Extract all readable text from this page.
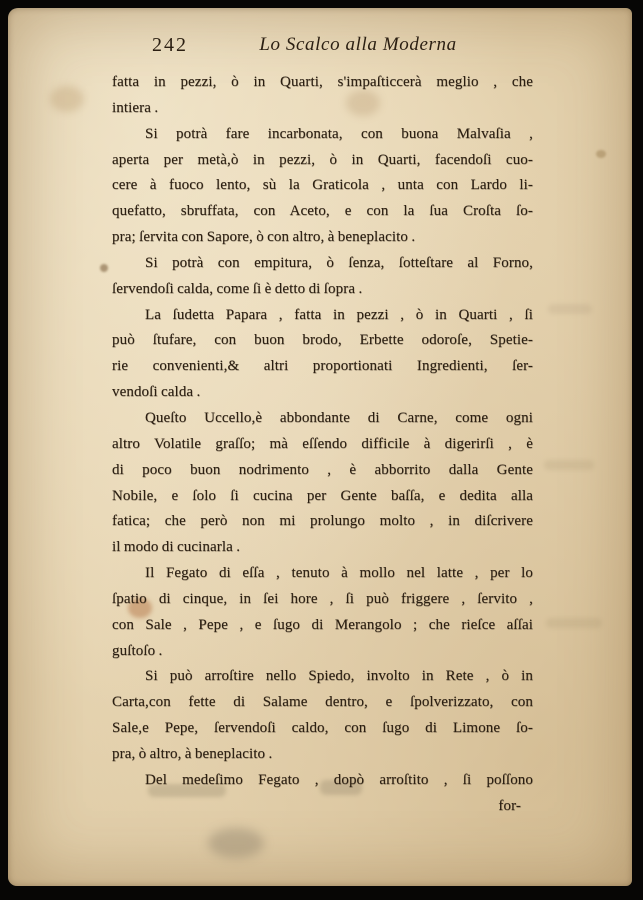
242	Lo Scalco alla Moderna
fatta in pezzi, ò in Quarti, s'impaſticcerà meglio , che
intiera .
Si potrà fare incarbonata, con buona Malvaſia ,
aperta per metà,ò in pezzi, ò in Quarti, facendoſi cuo-
cere à fuoco lento, sù la Graticola , unta con Lardo li-
quefatto, sbruffata, con Aceto, e con la ſua Croſta ſo-
pra; ſervita con Sapore, ò con altro, à beneplacito .
Si potrà con empitura, ò ſenza, ſotteſtare al Forno,
ſervendoſi calda, come ſi è detto di ſopra .
La ſudetta Papara , fatta in pezzi , ò in Quarti , ſi
può ſtufare, con buon brodo, Erbette odoroſe, Spetie-
rie convenienti,& altri proportionati Ingredienti, ſer-
vendoſi calda .
Queſto Uccello,è abbondante di Carne, come ogni
altro Volatile graſſo; mà eſſendo difficile à digerirſi , è
di poco buon nodrimento , è abborrito dalla Gente
Nobile, e ſolo ſi cucina per Gente baſſa, e dedita alla
fatica; che però non mi prolungo molto , in diſcrivere
il modo di cucinarla .
Il Fegato di eſſa , tenuto à mollo nel latte , per lo
ſpatio di cinque, in ſei hore , ſi può friggere , ſervito ,
con Sale , Pepe , e ſugo di Merangolo ; che rieſce aſſai
guſtoſo .
Si può arroſtire nello Spiedo, involto in Rete , ò in
Carta,con fette di Salame dentro, e ſpolverizzato, con
Sale,e Pepe, ſervendoſi caldo, con ſugo di Limone ſo-
pra, ò altro, à beneplacito .
Del medeſimo Fegato , dopò arroſtito , ſi poſſono
for-
